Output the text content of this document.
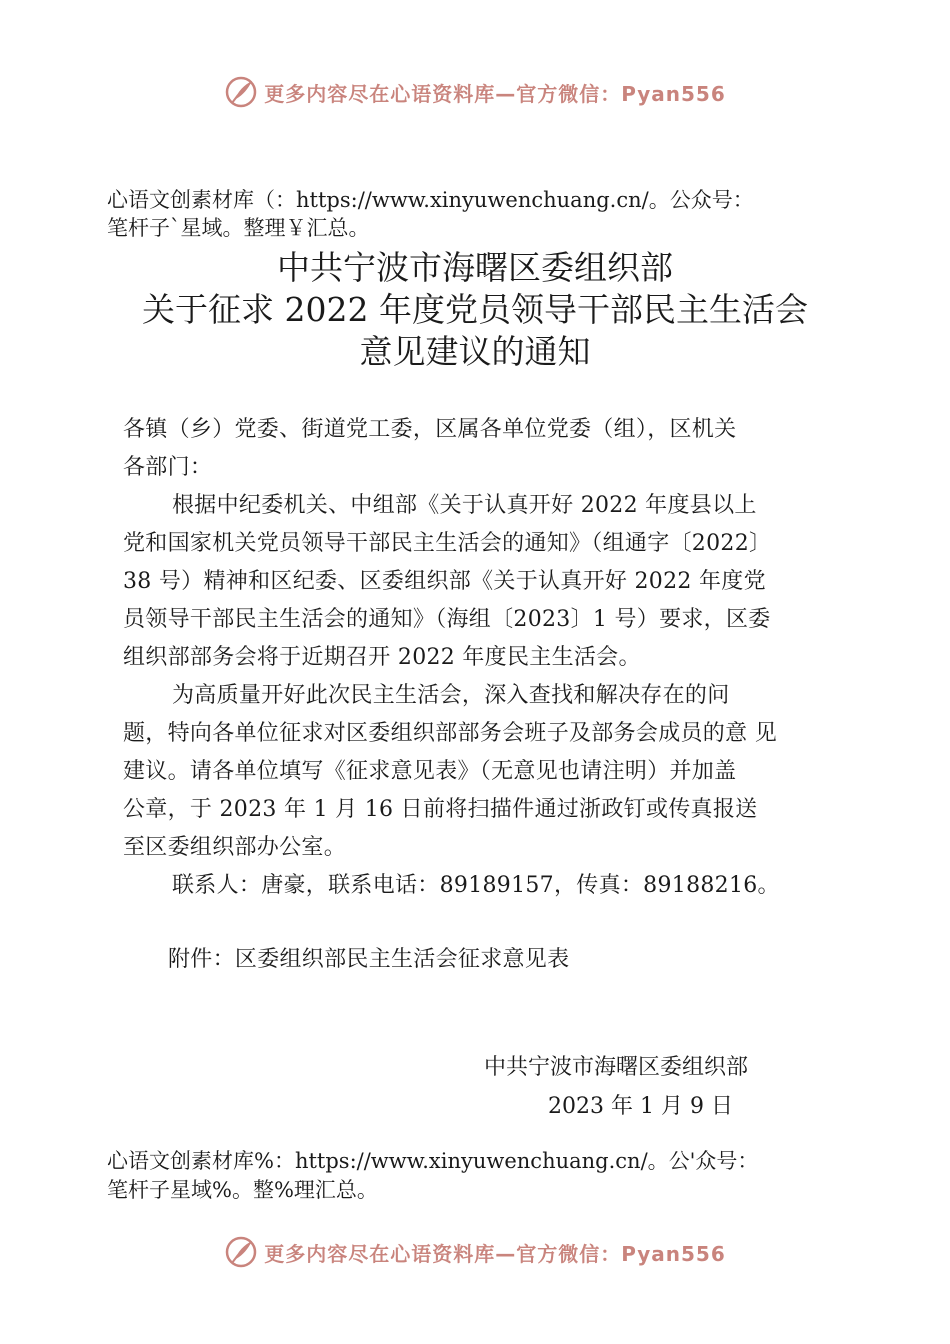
更多内容尽在心语资料库—官方微信：Pyan556
心语文创素材库（：https://www.xinyuwenchuang.cn/。公众号：
笔杆子`星域。整理￥汇总。
中共宁波市海曙区委组织部
关于征求 2022 年度党员领导干部民主生活会
意见建议的通知
各镇（乡）党委、街道党工委，区属各单位党委（组），区机关
各部门：
根据中纪委机关、中组部《关于认真开好 2022 年度县以上
党和国家机关党员领导干部民主生活会的通知》（组通字〔2022〕
38 号）精神和区纪委、区委组织部《关于认真开好 2022 年度党
员领导干部民主生活会的通知》（海组〔2023〕1 号）要求，区委
组织部部务会将于近期召开 2022 年度民主生活会。
为高质量开好此次民主生活会，深入查找和解决存在的问
题，特向各单位征求对区委组织部部务会班子及部务会成员的意 见
建议。请各单位填写《征求意见表》（无意见也请注明）并加盖
公章，于 2023 年 1 月 16 日前将扫描件通过浙政钉或传真报送
至区委组织部办公室。
联系人：唐豪，联系电话：89189157，传真：89188216。
附件：区委组织部民主生活会征求意见表
中共宁波市海曙区委组织部
2023 年 1 月 9 日
心语文创素材库%：https://www.xinyuwenchuang.cn/。公'众号：
笔杆子星域%。整%理汇总。
更多内容尽在心语资料库—官方微信：Pyan556
